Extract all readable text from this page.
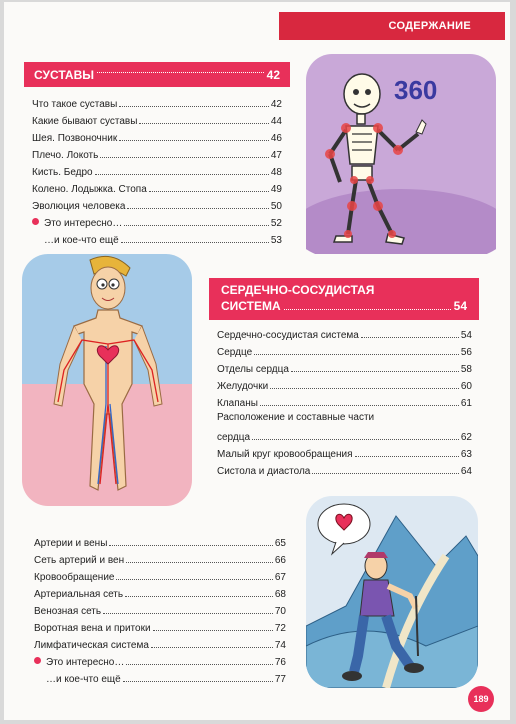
СОДЕРЖАНИЕ
СУСТАВЫ	42
Что такое суставы	42
Какие бывают суставы	44
Шея. Позвоночник	46
Плечо. Локоть	47
Кисть. Бедро	48
Колено. Лодыжка. Стопа	49
Эволюция человека	50
Это интересно…	52
…и кое-что ещё	53
360
СЕРДЕЧНО-СОСУДИСТАЯ
СИСТЕМА	54
Сердечно-сосудистая система	54
Сердце	56
Отделы сердца	58
Желудочки	60
Клапаны	61
Расположение и составные части
сердца	62
Малый круг кровообращения	63
Систола и диастола	64
Артерии и вены	65
Сеть артерий и вен	66
Кровообращение	67
Артериальная сеть	68
Венозная сеть	70
Воротная вена и притоки	72
Лимфатическая система	74
Это интересно…	76
…и кое-что ещё	77
189
